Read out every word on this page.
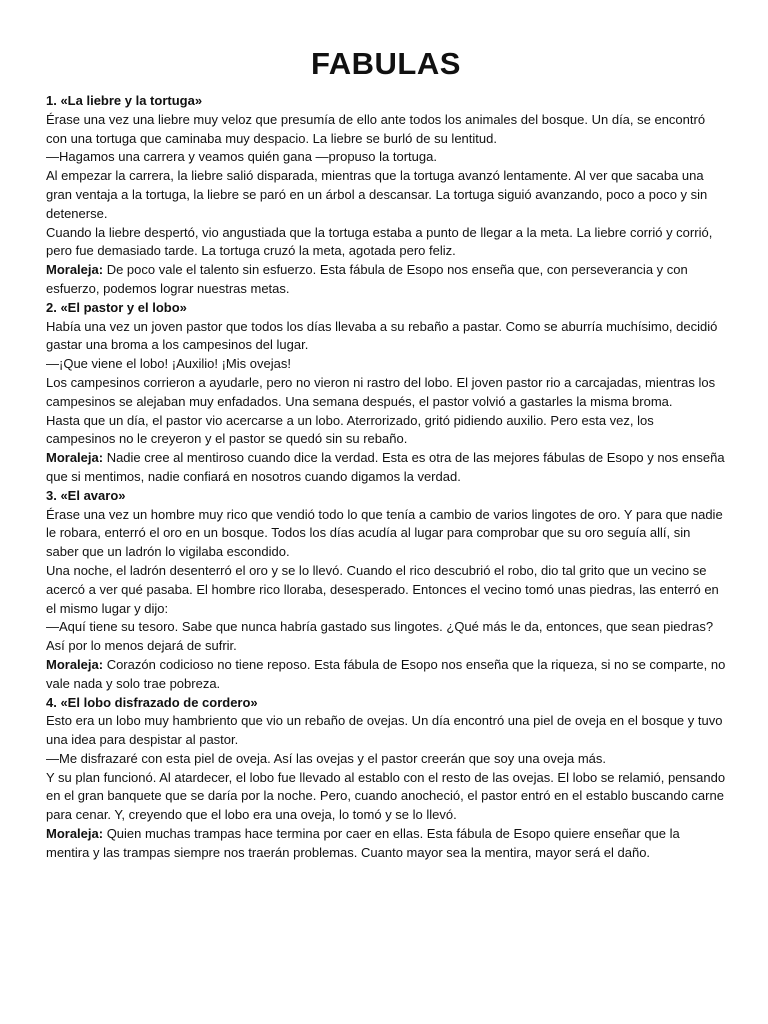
FABULAS

1. «La liebre y la tortuga»

Érase una vez una liebre muy veloz que presumía de ello ante todos los animales del bosque. Un día, se encontró con una tortuga que caminaba muy despacio. La liebre se burló de su lentitud.

—Hagamos una carrera y veamos quién gana —propuso la tortuga.

Al empezar la carrera, la liebre salió disparada, mientras que la tortuga avanzó lentamente. Al ver que sacaba una gran ventaja a la tortuga, la liebre se paró en un árbol a descansar. La tortuga siguió avanzando, poco a poco y sin detenerse.

Cuando la liebre despertó, vio angustiada que la tortuga estaba a punto de llegar a la meta. La liebre corrió y corrió, pero fue demasiado tarde. La tortuga cruzó la meta, agotada pero feliz.

Moraleja: De poco vale el talento sin esfuerzo. Esta fábula de Esopo nos enseña que, con perseverancia y con esfuerzo, podemos lograr nuestras metas.

2. «El pastor y el lobo»

Había una vez un joven pastor que todos los días llevaba a su rebaño a pastar. Como se aburría muchísimo, decidió gastar una broma a los campesinos del lugar.

—¡Que viene el lobo! ¡Auxilio! ¡Mis ovejas!

Los campesinos corrieron a ayudarle, pero no vieron ni rastro del lobo. El joven pastor rio a carcajadas, mientras los campesinos se alejaban muy enfadados. Una semana después, el pastor volvió a gastarles la misma broma.

Hasta que un día, el pastor vio acercarse a un lobo. Aterrorizado, gritó pidiendo auxilio. Pero esta vez, los campesinos no le creyeron y el pastor se quedó sin su rebaño.

Moraleja: Nadie cree al mentiroso cuando dice la verdad. Esta es otra de las mejores fábulas de Esopo y nos enseña que si mentimos, nadie confiará en nosotros cuando digamos la verdad.

3. «El avaro»

Érase una vez un hombre muy rico que vendió todo lo que tenía a cambio de varios lingotes de oro. Y para que nadie le robara, enterró el oro en un bosque. Todos los días acudía al lugar para comprobar que su oro seguía allí, sin saber que un ladrón lo vigilaba escondido.

Una noche, el ladrón desenterró el oro y se lo llevó. Cuando el rico descubrió el robo, dio tal grito que un vecino se acercó a ver qué pasaba. El hombre rico lloraba, desesperado. Entonces el vecino tomó unas piedras, las enterró en el mismo lugar y dijo:

—Aquí tiene su tesoro. Sabe que nunca habría gastado sus lingotes. ¿Qué más le da, entonces, que sean piedras? Así por lo menos dejará de sufrir.

Moraleja: Corazón codicioso no tiene reposo. Esta fábula de Esopo nos enseña que la riqueza, si no se comparte, no vale nada y solo trae pobreza.

4. «El lobo disfrazado de cordero»

Esto era un lobo muy hambriento que vio un rebaño de ovejas. Un día encontró una piel de oveja en el bosque y tuvo una idea para despistar al pastor.

—Me disfrazaré con esta piel de oveja. Así las ovejas y el pastor creerán que soy una oveja más.

Y su plan funcionó. Al atardecer, el lobo fue llevado al establo con el resto de las ovejas. El lobo se relamió, pensando en el gran banquete que se daría por la noche. Pero, cuando anocheció, el pastor entró en el establo buscando carne para cenar. Y, creyendo que el lobo era una oveja, lo tomó y se lo llevó.

Moraleja: Quien muchas trampas hace termina por caer en ellas. Esta fábula de Esopo quiere enseñar que la mentira y las trampas siempre nos traerán problemas. Cuanto mayor sea la mentira, mayor será el daño.
